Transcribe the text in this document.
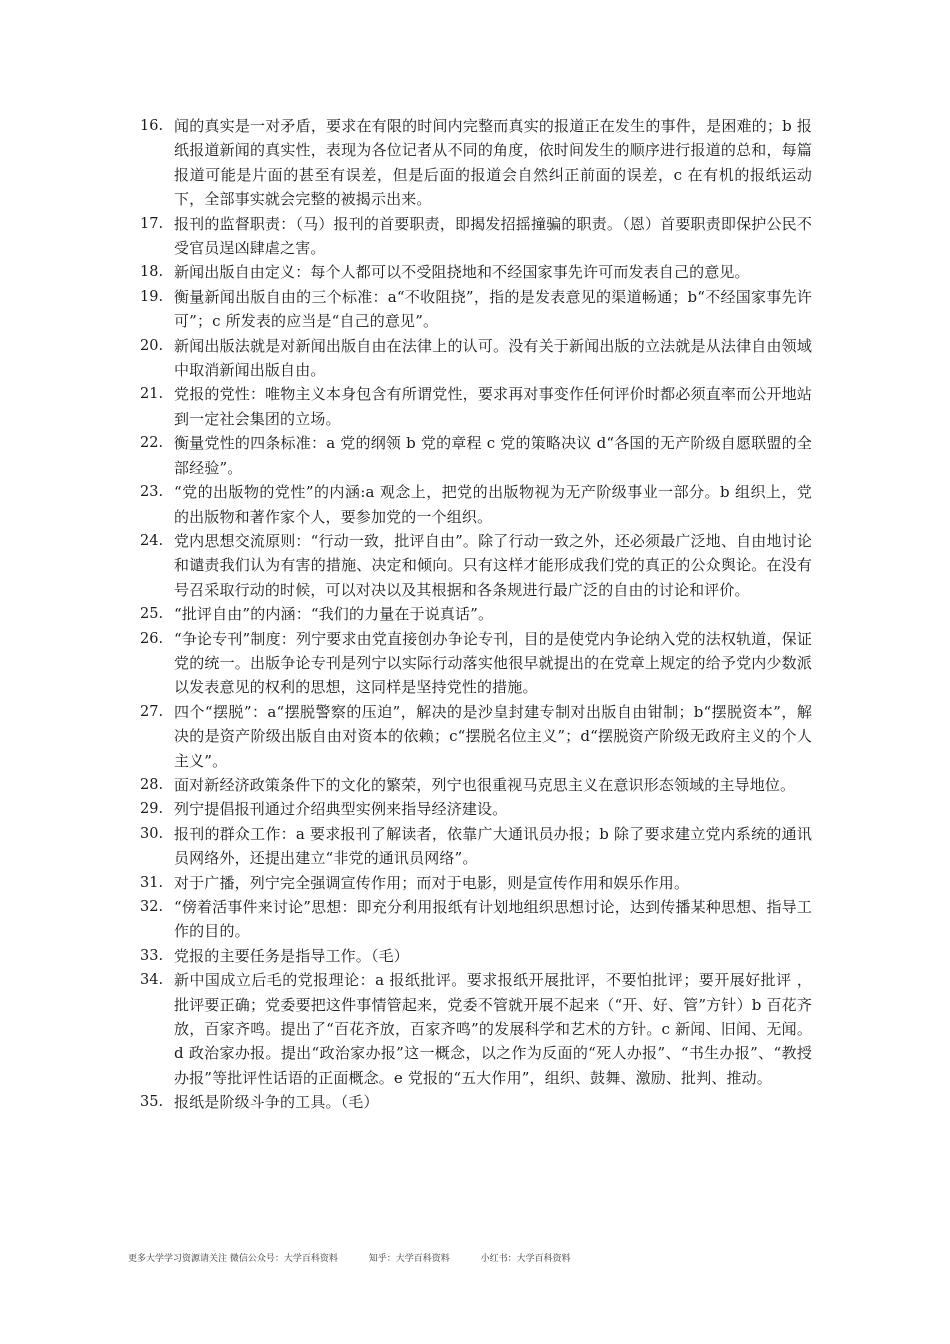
16. 闻的真实是一对矛盾，要求在有限的时间内完整而真实的报道正在发生的事件，是困难的；b 报纸报道新闻的真实性，表现为各位记者从不同的角度，依时间发生的顺序进行报道的总和，每篇报道可能是片面的甚至有误差，但是后面的报道会自然纠正前面的误差，c 在有机的报纸运动下，全部事实就会完整的被揭示出来。
17. 报刊的监督职责：（马）报刊的首要职责，即揭发招摇撞骗的职责。（恩）首要职责即保护公民不受官员逞凶肆虐之害。
18. 新闻出版自由定义：每个人都可以不受阻挠地和不经国家事先许可而发表自己的意见。
19. 衡量新闻出版自由的三个标准：a“不收阻挠”，指的是发表意见的渠道畅通；b“不经国家事先许可”；c 所发表的应当是“自己的意见”。
20. 新闻出版法就是对新闻出版自由在法律上的认可。没有关于新闻出版的立法就是从法律自由领域中取消新闻出版自由。
21. 党报的党性：唯物主义本身包含有所谓党性，要求再对事变作任何评价时都必须直率而公开地站到一定社会集团的立场。
22. 衡量党性的四条标准：a 党的纲领 b 党的章程 c 党的策略决议 d“各国的无产阶级自愿联盟的全部经验”。
23. “党的出版物的党性”的内涵:a 观念上，把党的出版物视为无产阶级事业一部分。b 组织上，党的出版物和著作家个人，要参加党的一个组织。
24. 党内思想交流原则：“行动一致，批评自由”。除了行动一致之外，还必须最广泛地、自由地讨论和谴责我们认为有害的措施、决定和倾向。只有这样才能形成我们党的真正的公众舆论。在没有号召采取行动的时候，可以对决以及其根据和各条规进行最广泛的自由的讨论和评价。
25. “批评自由”的内涵：“我们的力量在于说真话”。
26. “争论专刊”制度：列宁要求由党直接创办争论专刊，目的是使党内争论纳入党的法权轨道，保证党的统一。出版争论专刊是列宁以实际行动落实他很早就提出的在党章上规定的给予党内少数派以发表意见的权利的思想，这同样是坚持党性的措施。
27. 四个“摆脱”：a“摆脱警察的压迫”，解决的是沙皇封建专制对出版自由钳制；b“摆脱资本”，解决的是资产阶级出版自由对资本的依赖；c“摆脱名位主义”；d“摆脱资产阶级无政府主义的个人主义”。
28. 面对新经济政策条件下的文化的繁荣，列宁也很重视马克思主义在意识形态领域的主导地位。
29. 列宁提倡报刊通过介绍典型实例来指导经济建设。
30. 报刊的群众工作：a 要求报刊了解读者，依靠广大通讯员办报；b 除了要求建立党内系统的通讯员网络外，还提出建立“非党的通讯员网络”。
31. 对于广播，列宁完全强调宣传作用；而对于电影，则是宣传作用和娱乐作用。
32. “傍着活事件来讨论”思想：即充分利用报纸有计划地组织思想讨论，达到传播某种思想、指导工作的目的。
33. 党报的主要任务是指导工作。（毛）
34. 新中国成立后毛的党报理论：a 报纸批评。要求报纸开展批评，不要怕批评；要开展好批评 ，批评要正确；党委要把这件事情管起来，党委不管就开展不起来（“开、好、管”方针）b 百花齐放，百家齐鸣。提出了“百花齐放，百家齐鸣”的发展科学和艺术的方针。c 新闻、旧闻、无闻。d 政治家办报。提出“政治家办报”这一概念，以之作为反面的“死人办报”、“书生办报”、“教授办报”等批评性话语的正面概念。e 党报的“五大作用”，组织、鼓舞、激励、批判、推动。
35. 报纸是阶级斗争的工具。（毛）
更多大学学习资源请关注 微信公众号：大学百科资料	知乎：大学百科资料	小红书：大学百科资料
